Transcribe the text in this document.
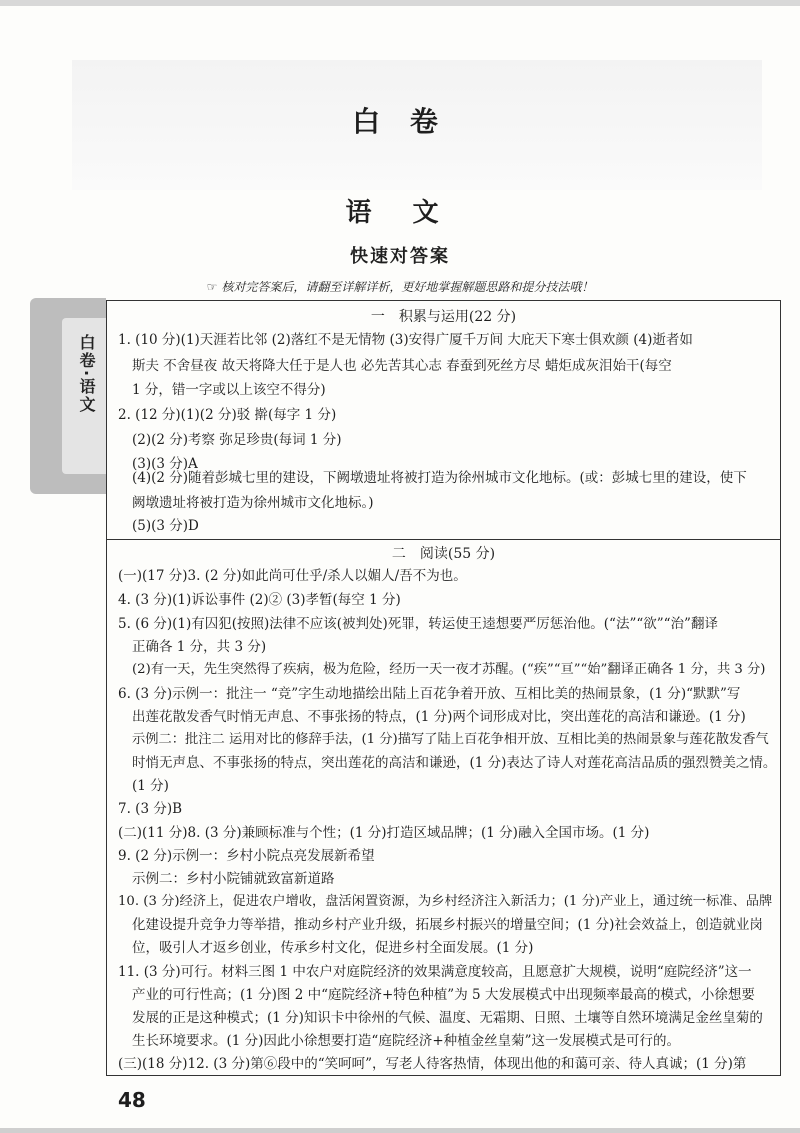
白 卷
语 文
快速对答案
☞ 核对完答案后，请翻至详解详析，更好地掌握解题思路和提分技法哦！
白卷·语文
一 积累与运用(22 分)
1. (10 分)(1)天涯若比邻 (2)落红不是无情物 (3)安得广厦千万间 大庇天下寒士俱欢颜 (4)逝者如
斯夫 不舍昼夜 故天将降大任于是人也 必先苦其心志 春蚕到死丝方尽 蜡炬成灰泪始干(每空
1 分，错一字或以上该空不得分)
2. (12 分)(1)(2 分)驳 擀(每字 1 分)
(2)(2 分)考察 弥足珍贵(每词 1 分)
(3)(3 分)A
(4)(2 分)随着彭城七里的建设，下阙墩遗址将被打造为徐州城市文化地标。(或：彭城七里的建设，使下
阙墩遗址将被打造为徐州城市文化地标。)
(5)(3 分)D
二 阅读(55 分)
(一)(17 分)3. (2 分)如此尚可仕乎/杀人以媚人/吾不为也。
4. (3 分)(1)诉讼事件 (2)② (3)孝暂(每空 1 分)
5. (6 分)(1)有囚犯(按照)法律不应该(被判处)死罪，转运使王逵想要严厉惩治他。(“法”“欲”“治”翻译
正确各 1 分，共 3 分)
(2)有一天，先生突然得了疾病，极为危险，经历一天一夜才苏醒。(“疾”“亘”“始”翻译正确各 1 分，共 3 分)
6. (3 分)示例一：批注一 “竞”字生动地描绘出陆上百花争着开放、互相比美的热闹景象，(1 分)“默默”写
出莲花散发香气时悄无声息、不事张扬的特点，(1 分)两个词形成对比，突出莲花的高洁和谦逊。(1 分)
示例二：批注二 运用对比的修辞手法，(1 分)描写了陆上百花争相开放、互相比美的热闹景象与莲花散发香气
时悄无声息、不事张扬的特点，突出莲花的高洁和谦逊，(1 分)表达了诗人对莲花高洁品质的强烈赞美之情。
(1 分)
7. (3 分)B
(二)(11 分)8. (3 分)兼顾标准与个性；(1 分)打造区域品牌；(1 分)融入全国市场。(1 分)
9. (2 分)示例一：乡村小院点亮发展新希望
示例二：乡村小院铺就致富新道路
10. (3 分)经济上，促进农户增收，盘活闲置资源，为乡村经济注入新活力；(1 分)产业上，通过统一标准、品牌
化建设提升竞争力等举措，推动乡村产业升级，拓展乡村振兴的增量空间；(1 分)社会效益上，创造就业岗
位，吸引人才返乡创业，传承乡村文化，促进乡村全面发展。(1 分)
11. (3 分)可行。材料三图 1 中农户对庭院经济的效果满意度较高，且愿意扩大规模，说明“庭院经济”这一
产业的可行性高；(1 分)图 2 中“庭院经济+特色种植”为 5 大发展模式中出现频率最高的模式，小徐想要
发展的正是这种模式；(1 分)知识卡中徐州的气候、温度、无霜期、日照、土壤等自然环境满足金丝皇菊的
生长环境要求。(1 分)因此小徐想要打造“庭院经济+种植金丝皇菊”这一发展模式是可行的。
(三)(18 分)12. (3 分)第⑥段中的“笑呵呵”，写老人待客热情，体现出他的和蔼可亲、待人真诚；(1 分)第
48
